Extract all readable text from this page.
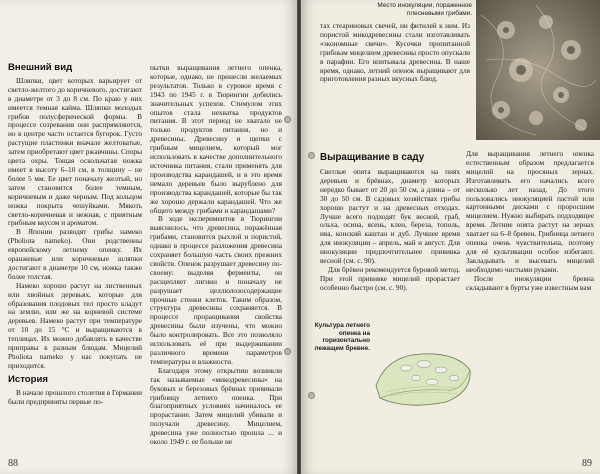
Внешний вид

Шляпки, цвет которых варьирует от светло-желтого до коричневого, достигают в диаметре от 3 до 8 см. По краю у них имеется темная кайма. Шляпки молодых грибов полусферической формы. В процессе созревания они распрямляются, но в центре часто остается бугорок. Густо растущие пластинки вначале желтоватые, затем приобретают цвет ржавчины. Споры цвета охры. Тощая оскольчатая ножка имеет в высоту 6–10 см, в толщину – не более 5 мм. Ее цвет поначалу желтый, но затем становится более темным, коричневым и даже черным. Под кольцом ножка покрыта чешуйками. Мякоть светло-коричневая и нежная, с приятным грибным вкусом и ароматом.

В Японии разводят грибы намеко (Pholiota nameko). Они родственны европейскому летнему опенку. Их оранжевые или коричневые шляпки достигают в диаметре 10 см, ножка также более толстая.

Намеко хорошо растут на лиственных или хвойных деревьях, которые для образования плодовых тел просто кладут на землю, или же на корневой системе деревьев. Намеко растут при температуре от 10 до 15 °C и выращиваются в теплицах. Их можно добавлять в качестве приправы к разным блюдам. Мицелий Pholiota nameko у нас покупать не приходится.

История

В начале прошлого столетия в Германии были предприняты первые по-

пытки выращивания летнего опенка, которые, однако, не принесли желаемых результатов. Только в суровое время с 1943 по 1945 г. в Тюрингии добились значительных успехов. Стимулом этих опытов стала нехватка продуктов питания. В этот период не хватало не только продуктов питания, но и древесины. Древесину и щепки с грибным мицелием, который мог использовать в качестве дополнительного источника питания, стали применять для производства карандашей, и в это время немало деревьев было вырублено для производства карандашей, которые бы так же хорошо держали карандашей. Что же общего между грибами и карандашами?

В ходе экспериментов в Тюрингии выяснилось, что древесина, поражённая грибами, становится рыхлой и пористой, однако в процессе разложения древесина сохраняет большую часть своих прежних свойств. Опенок разрушает древесину по-своему: выделяя ферменты, он расщепляет лигнин и поначалу не разрушает целлюлозосодержащие прочные стенки клеток. Таким образом, структура древесины сохраняется. В процессе проращивания свойства древесины были изучены, что можно было контролировать. Все это позволяло использовать её при выдерживании различного времени параметров температуры и влажности.

Благодаря этому открытию возникли так называемые «микодревесины» на буковых и березовых брёвнах прививали грибницу летнего опенка. При благоприятных условиях начиналось ее прорастание. Затем мицелий убивали и получали древесину. Мицелием, древесина уже полностью прошла ... и около 1949 г. ее больше не

88

тах стеариновых свечей, ни фитилей к ним. Из пористой микодревесины стали изготавливать «экономные свечи». Кусочки пропитанной грибным мицелием древесины просто опускали в парафин. Его впитывала древесина. В наше время, однако, летний опенок выращивают для приготовления разных вкусных блюд.

Место инокуляции, пораженное плесневыми грибами.
Выращивание в саду

Светлые опята выращиваются на пнях деревьев и брёвнах, диаметр которых нередко бывает от 20 до 50 см, а длина – от 30 до 50 см. В садовых хозяйствах грибы хорошо растут и на древесных отходах. Лучше всего подходят бук весной, граб, ольха, осина, ясень, клен, береза, тополь, ива, конский каштан и дуб. Лучшее время для инокуляции – апрель, май и август. Для инокуляции предпочтительнее прививка весной (см. с. 90).

Для брёвен рекомендуется буровой метод. При этой прививке мицелий прорастает особенно быстро (см. с. 90).

Для выращивания летнего опенка естественным образом предлагается мицелий на просяных зернах. Изготавливать его начались всего несколько лет назад. До этого пользовались инокуляцией пастой или картонными дисками с проросшим мицелием. Нужно выбирать подходящее время. Летние опята растут на зернах хватает на 6–8 бревен. Грибница летнего опенка очень чувствительна, поэтому для её культивации особое избегают. Закладывать и высевать мицелий необходимо чистыми руками.

После инокуляции бревна складывают в бурты уже известным вам

Культура летнего опенка на горизонтально лежащем бревне.
89
